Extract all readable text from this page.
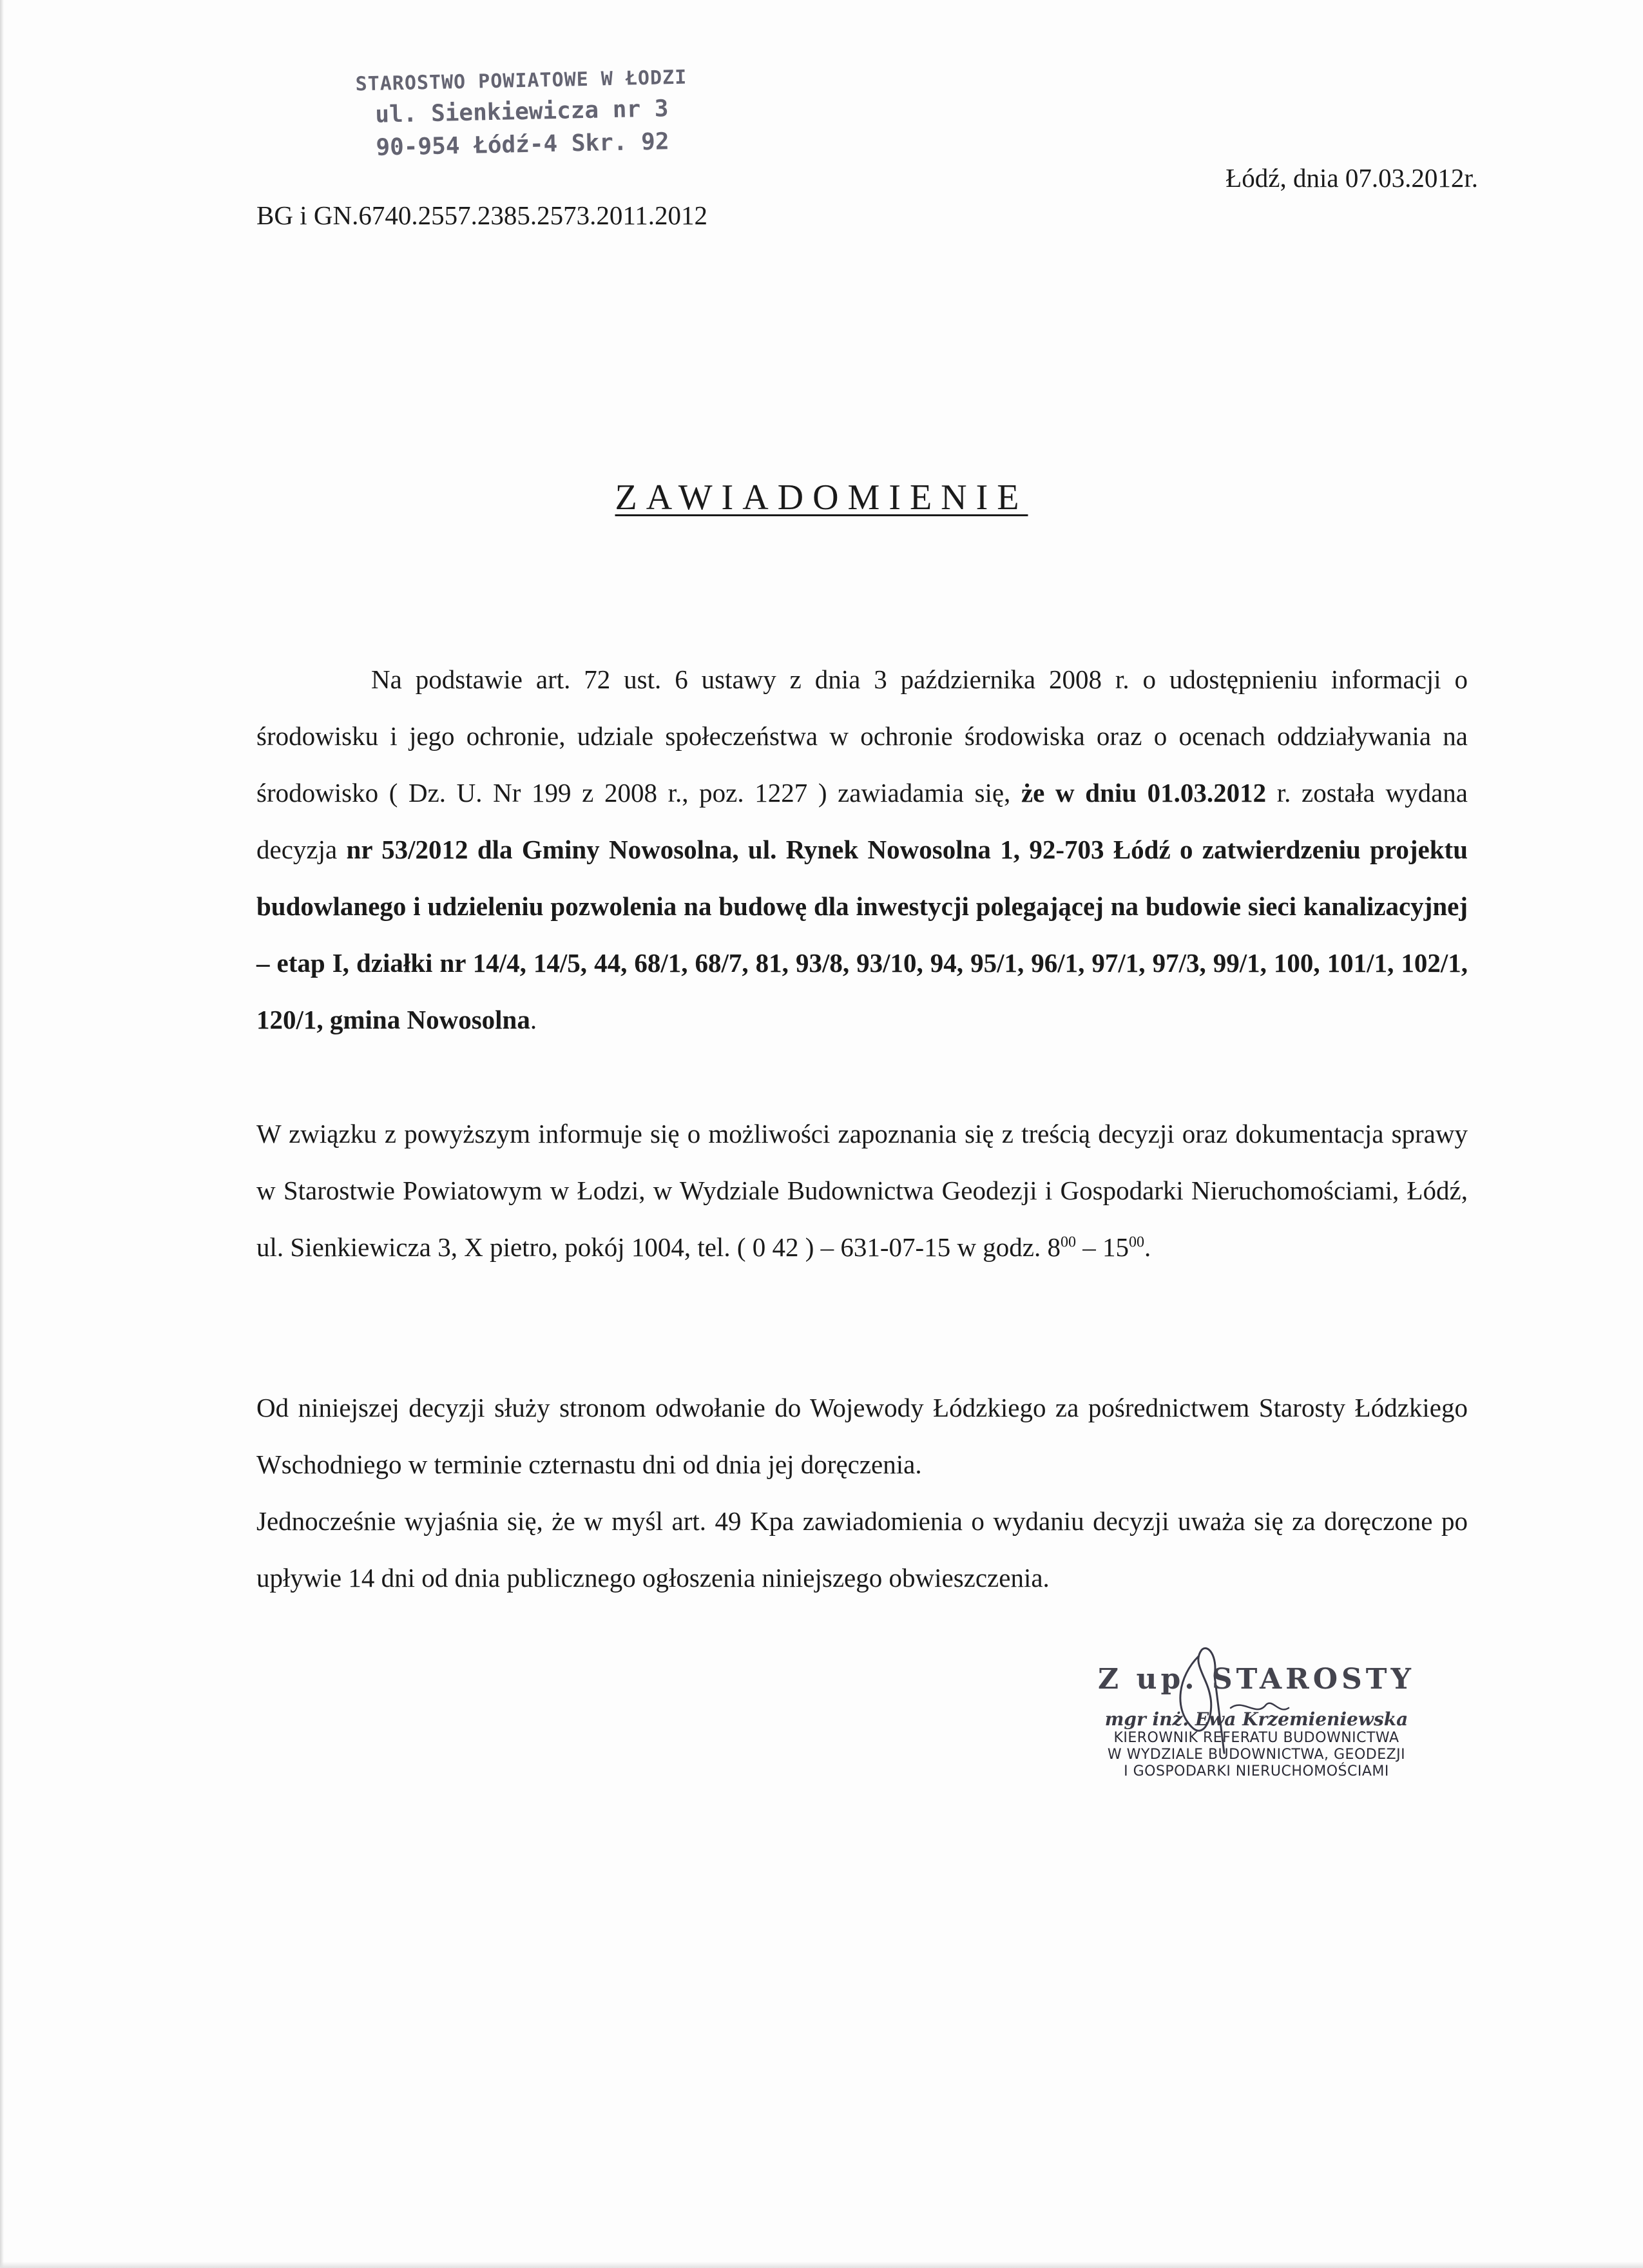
STAROSTWO POWIATOWE W ŁODZI
ul. Sienkiewicza nr 3
90-954 Łódź-4 Skr. 92
BG i GN.6740.2557.2385.2573.2011.2012
Łódź, dnia 07.03.2012r.
ZAWIADOMIENIE
Na podstawie art. 72 ust. 6 ustawy z dnia 3 października 2008 r. o udostępnieniu informacji o środowisku i jego ochronie, udziale społeczeństwa w ochronie środowiska oraz o ocenach oddziaływania na środowisko ( Dz. U. Nr 199 z 2008 r., poz. 1227 ) zawiadamia się, że w dniu 01.03.2012 r. została wydana decyzja nr 53/2012 dla Gminy Nowosolna, ul. Rynek Nowosolna 1, 92-703 Łódź o zatwierdzeniu projektu budowlanego i udzieleniu pozwolenia na budowę dla inwestycji polegającej na budowie sieci kanalizacyjnej – etap I, działki nr 14/4, 14/5, 44, 68/1, 68/7, 81, 93/8, 93/10, 94, 95/1, 96/1, 97/1, 97/3, 99/1, 100, 101/1, 102/1, 120/1, gmina Nowosolna.
W związku z powyższym informuje się o możliwości zapoznania się z treścią decyzji oraz dokumentacja sprawy w Starostwie Powiatowym w Łodzi, w Wydziale Budownictwa Geodezji i Gospodarki Nieruchomościami, Łódź, ul. Sienkiewicza 3, X pietro, pokój 1004, tel. ( 0 42 ) – 631-07-15 w godz. $8^{00} - 15^{00}$.
Od niniejszej decyzji służy stronom odwołanie do Wojewody Łódzkiego za pośrednictwem Starosty Łódzkiego Wschodniego w terminie czternastu dni od dnia jej doręczenia.
Jednocześnie wyjaśnia się, że w myśl art. 49 Kpa zawiadomienia o wydaniu decyzji uważa się za doręczone po upływie 14 dni od dnia publicznego ogłoszenia niniejszego obwieszczenia.
Z up. STAROSTY
mgr inż. Ewa Krzemieniewska
KIEROWNIK REFERATU BUDOWNICTWA
W WYDZIALE BUDOWNICTWA, GEODEZJI
I GOSPODARKI NIERUCHOMOŚCIAMI
